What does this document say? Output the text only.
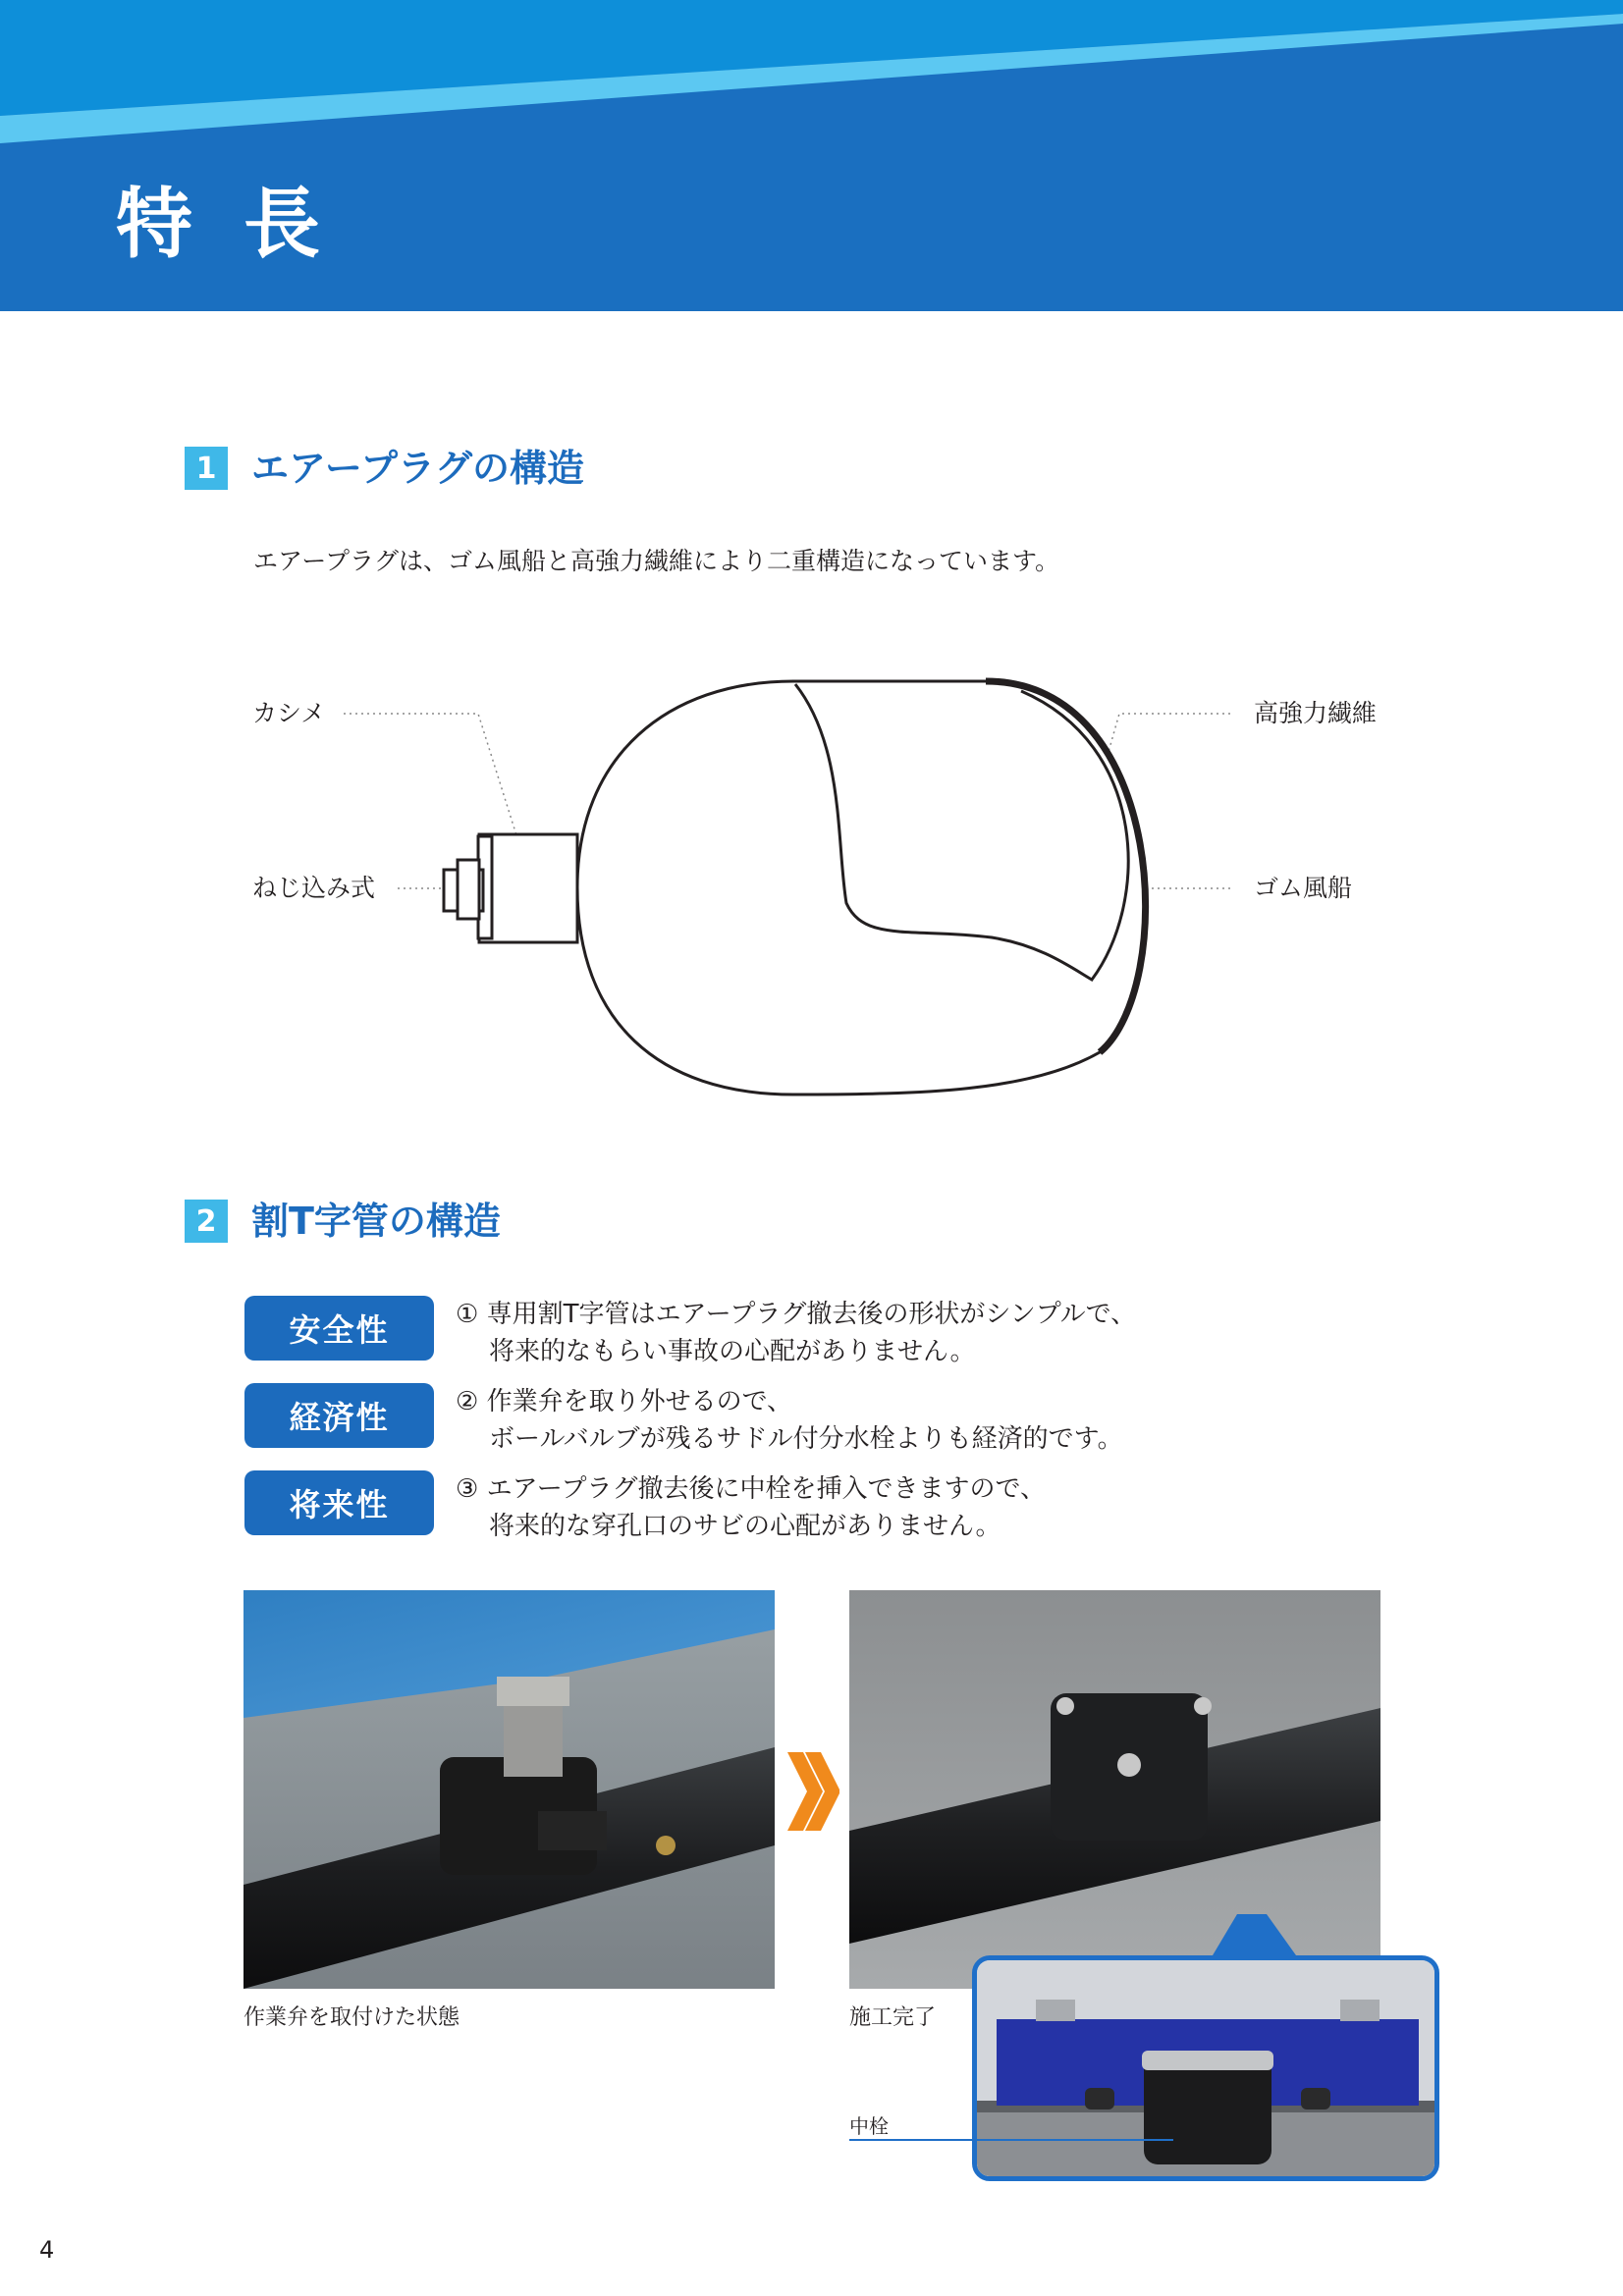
特長
1 エアープラグの構造

エアープラグは、ゴム風船と高強力繊維により二重構造になっています。

カシメ
ねじ込み式
高強力繊維
ゴム風船
2 割T字管の構造
安全性	① 専用割T字管はエアープラグ撤去後の形状がシンプルで、
将来的なもらい事故の心配がありません。
経済性	② 作業弁を取り外せるので、
ボールバルブが残るサドル付分水栓よりも経済的です。
将来性	③ エアープラグ撤去後に中栓を挿入できますので、
将来的な穿孔口のサビの心配がありません。

作業弁を取付けた状態	施工完了

中栓

4
